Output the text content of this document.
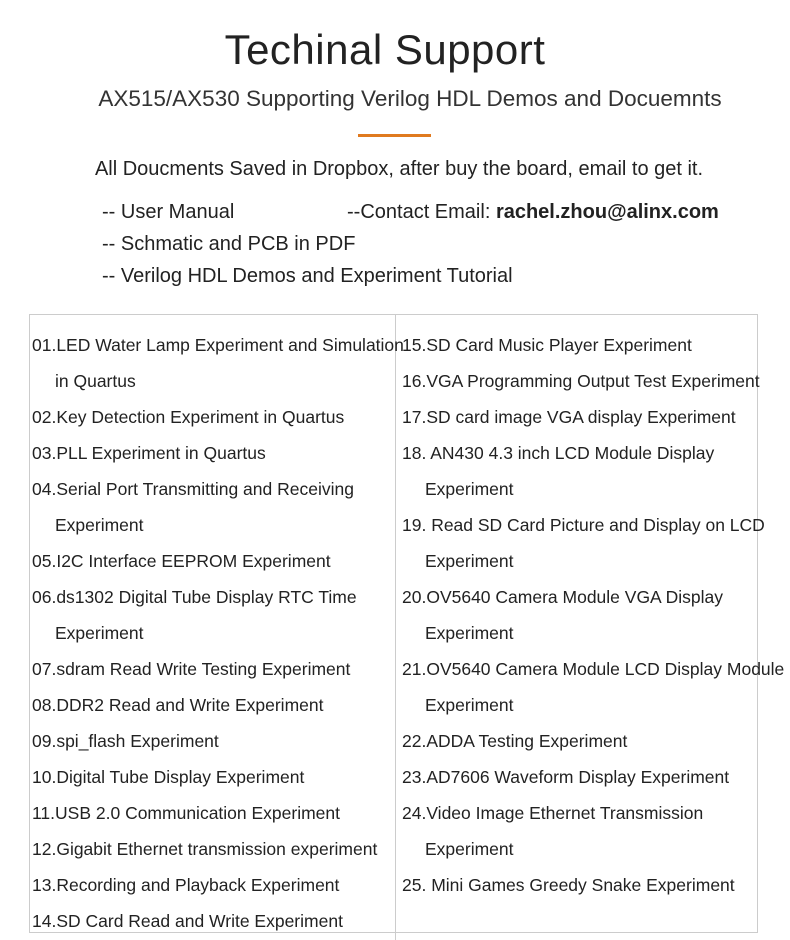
Techinal Support
AX515/AX530 Supporting Verilog HDL Demos and Docuemnts
All Doucments Saved in Dropbox, after buy the board, email to get it.
-- User Manual
-- Schmatic and PCB in PDF
-- Verilog HDL Demos and Experiment Tutorial
--Contact Email: rachel.zhou@alinx.com
01.LED Water Lamp Experiment and Simulation
in Quartus
02.Key Detection Experiment in Quartus
03.PLL Experiment in Quartus
04.Serial Port Transmitting and Receiving
Experiment
05.I2C Interface EEPROM Experiment
06.ds1302 Digital Tube Display RTC Time
Experiment
07.sdram Read Write Testing Experiment
08.DDR2 Read and Write Experiment
09.spi_flash Experiment
10.Digital Tube Display Experiment
11.USB 2.0 Communication Experiment
12.Gigabit Ethernet transmission experiment
13.Recording and Playback Experiment
14.SD Card Read and Write Experiment
15.SD Card Music Player Experiment
16.VGA Programming Output Test Experiment
17.SD card image VGA display Experiment
18. AN430 4.3 inch LCD Module Display
Experiment
19. Read SD Card Picture and Display on LCD
Experiment
20.OV5640 Camera Module VGA Display
Experiment
21.OV5640 Camera Module LCD Display Module
Experiment
22.ADDA Testing Experiment
23.AD7606 Waveform Display Experiment
24.Video Image Ethernet Transmission
Experiment
25. Mini Games Greedy Snake Experiment
